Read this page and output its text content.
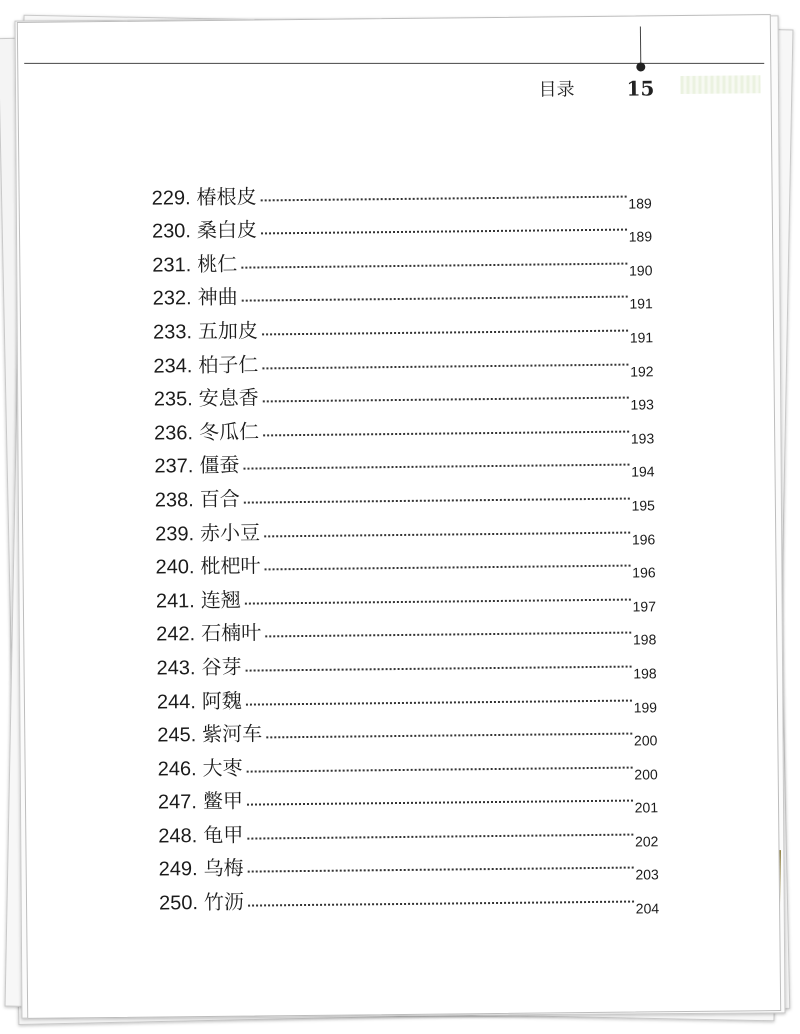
目录	15
229. 椿根皮	189
230. 桑白皮	189
231. 桃仁	190
232. 神曲	191
233. 五加皮	191
234. 柏子仁	192
235. 安息香	193
236. 冬瓜仁	193
237. 僵蚕	194
238. 百合	195
239. 赤小豆	196
240. 枇杷叶	196
241. 连翘	197
242. 石楠叶	198
243. 谷芽	198
244. 阿魏	199
245. 紫河车	200
246. 大枣	200
247. 鳖甲	201
248. 龟甲	202
249. 乌梅	203
250. 竹沥	204
